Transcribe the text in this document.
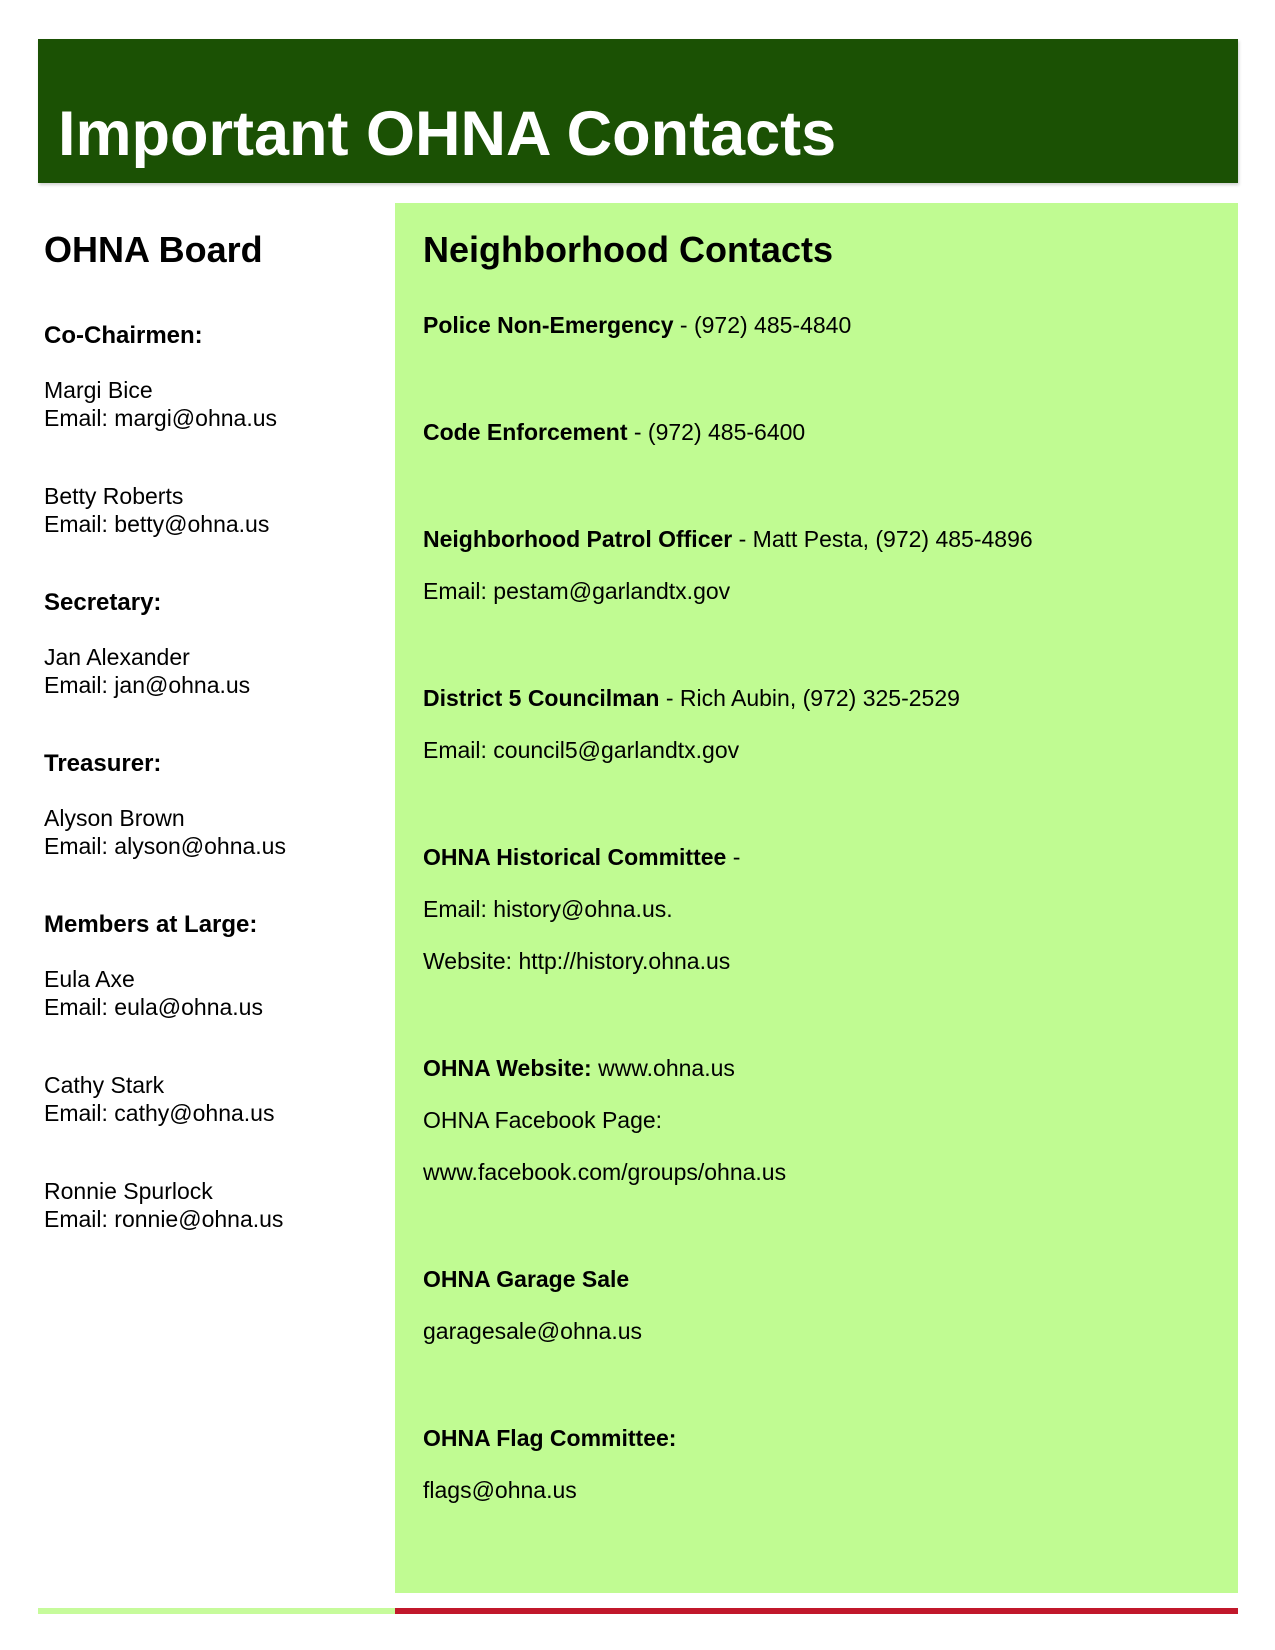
Important OHNA Contacts
OHNA Board
Co-Chairmen:

Margi Bice

Email: margi@ohna.us

Betty Roberts

Email: betty@ohna.us

Secretary:

Jan Alexander

Email: jan@ohna.us

Treasurer:

Alyson Brown

Email: alyson@ohna.us

Members at Large:

Eula Axe

Email: eula@ohna.us

Cathy Stark

Email: cathy@ohna.us

Ronnie Spurlock

Email: ronnie@ohna.us

Neighborhood Contacts

Police Non-Emergency - (972) 485-4840

Code Enforcement - (972) 485-6400

Neighborhood Patrol Officer - Matt Pesta, (972) 485-4896

Email: pestam@garlandtx.gov

District 5 Councilman - Rich Aubin, (972) 325-2529

Email: council5@garlandtx.gov

OHNA Historical Committee -

Email: history@ohna.us.

Website: http://history.ohna.us

OHNA Website: www.ohna.us

OHNA Facebook Page:

www.facebook.com/groups/ohna.us

OHNA Garage Sale

garagesale@ohna.us

OHNA Flag Committee:

flags@ohna.us
